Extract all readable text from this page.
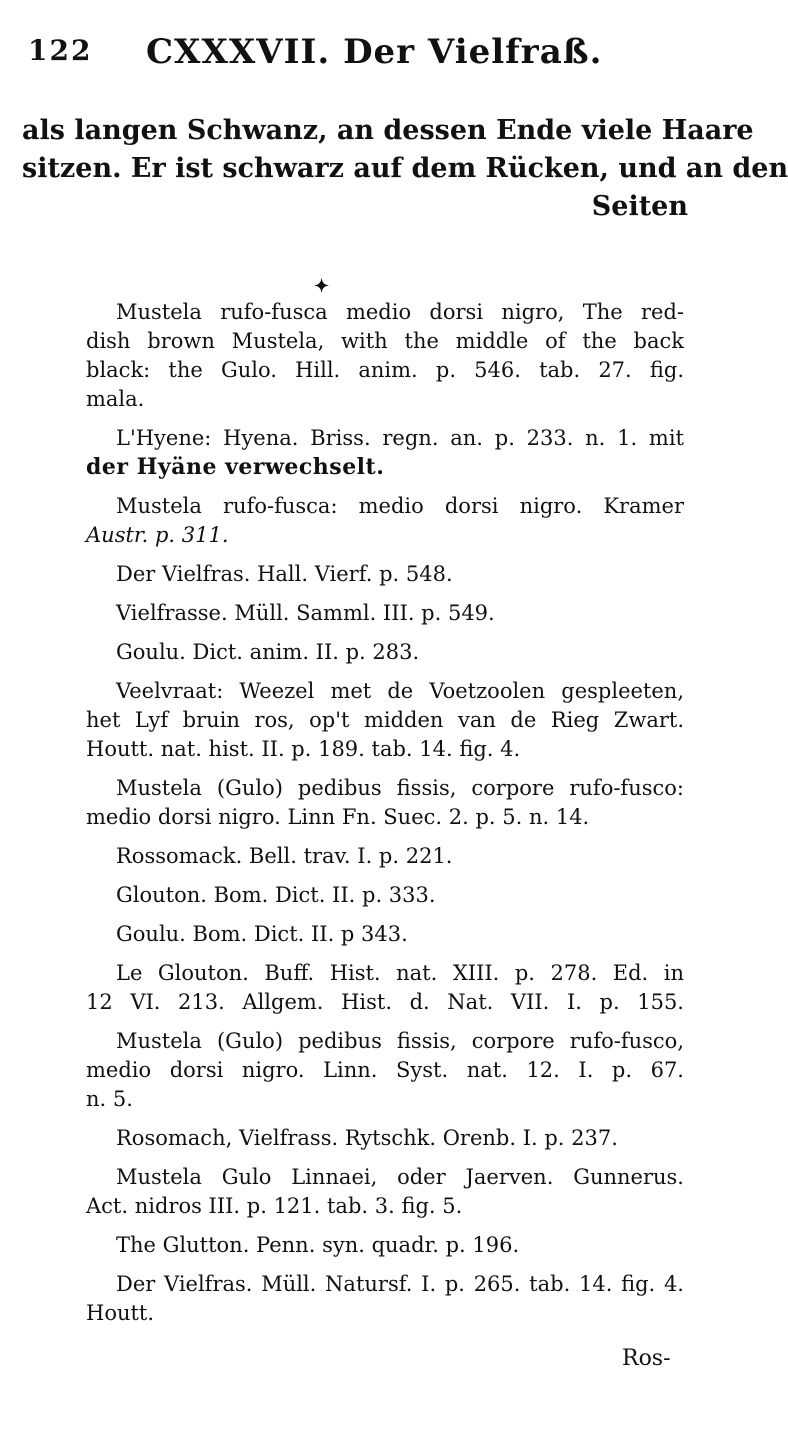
122 CXXXVII. Der Vielfraß.
als langen Schwanz, an dessen Ende viele Haare
sitzen. Er ist schwarz auf dem Rücken, und an den
Seiten
✦
Mustela rufo-fusca medio dorsi nigro, The red-
dish brown Mustela, with the middle of the back
black: the Gulo. Hill. anim. p. 546. tab. 27. fig.
mala.
L'Hyene: Hyena. Briss. regn. an. p. 233. n. 1. mit
der Hyäne verwechselt.
Mustela rufo-fusca: medio dorsi nigro. Kramer
Austr. p. 311.
Der Vielfras. Hall. Vierf. p. 548.
Vielfrasse. Müll. Samml. III. p. 549.
Goulu. Dict. anim. II. p. 283.
Veelvraat: Weezel met de Voetzoolen gespleeten,
het Lyf bruin ros, op't midden van de Rieg Zwart.
Houtt. nat. hist. II. p. 189. tab. 14. fig. 4.
Mustela (Gulo) pedibus fissis, corpore rufo-fusco:
medio dorsi nigro. Linn Fn. Suec. 2. p. 5. n. 14.
Rossomack. Bell. trav. I. p. 221.
Glouton. Bom. Dict. II. p. 333.
Goulu. Bom. Dict. II. p 343.
Le Glouton. Buff. Hist. nat. XIII. p. 278. Ed. in
12 VI. 213. Allgem. Hist. d. Nat. VII. I. p. 155.
Mustela (Gulo) pedibus fissis, corpore rufo-fusco,
medio dorsi nigro. Linn. Syst. nat. 12. I. p. 67.
n. 5.
Rosomach, Vielfrass. Rytschk. Orenb. I. p. 237.
Mustela Gulo Linnaei, oder Jaerven. Gunnerus.
Act. nidros III. p. 121. tab. 3. fig. 5.
The Glutton. Penn. syn. quadr. p. 196.
Der Vielfras. Müll. Natursf. I. p. 265. tab. 14. fig. 4.
Houtt.
Ros-
